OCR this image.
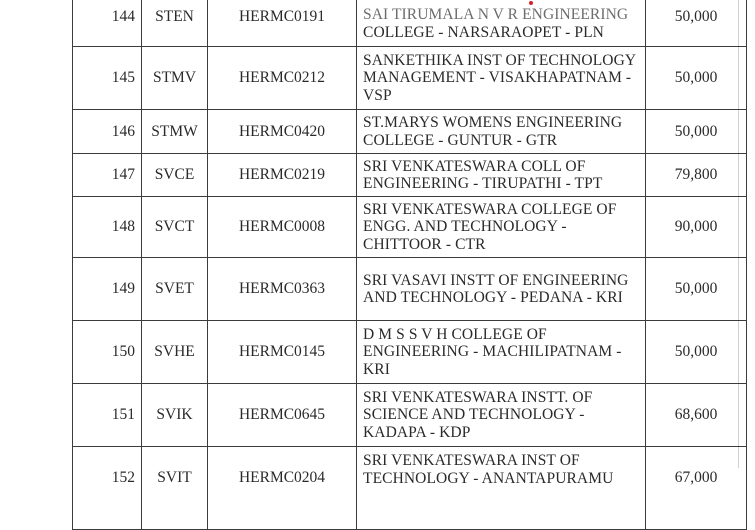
144	STEN	HERMC0191	SAI TIRUMALA N V R ENGINEERING
COLLEGE - NARSARAOPET - PLN	50,000
145	STMV	HERMC0212	SANKETHIKA INST OF TECHNOLOGY
MANAGEMENT - VISAKHAPATNAM -
VSP	50,000
146	STMW	HERMC0420	ST.MARYS WOMENS ENGINEERING
COLLEGE - GUNTUR - GTR	50,000
147	SVCE	HERMC0219	SRI VENKATESWARA COLL OF
ENGINEERING - TIRUPATHI - TPT	79,800
148	SVCT	HERMC0008	SRI VENKATESWARA COLLEGE OF
ENGG. AND TECHNOLOGY -
CHITTOOR - CTR	90,000
149	SVET	HERMC0363	SRI VASAVI INSTT OF ENGINEERING
AND TECHNOLOGY - PEDANA - KRI	50,000
150	SVHE	HERMC0145	D M S S V H COLLEGE OF
ENGINEERING - MACHILIPATNAM -
KRI	50,000
151	SVIK	HERMC0645	SRI VENKATESWARA INSTT. OF
SCIENCE AND TECHNOLOGY -
KADAPA - KDP	68,600
152	SVIT	HERMC0204	SRI VENKATESWARA INST OF
TECHNOLOGY - ANANTAPURAMU	67,000
